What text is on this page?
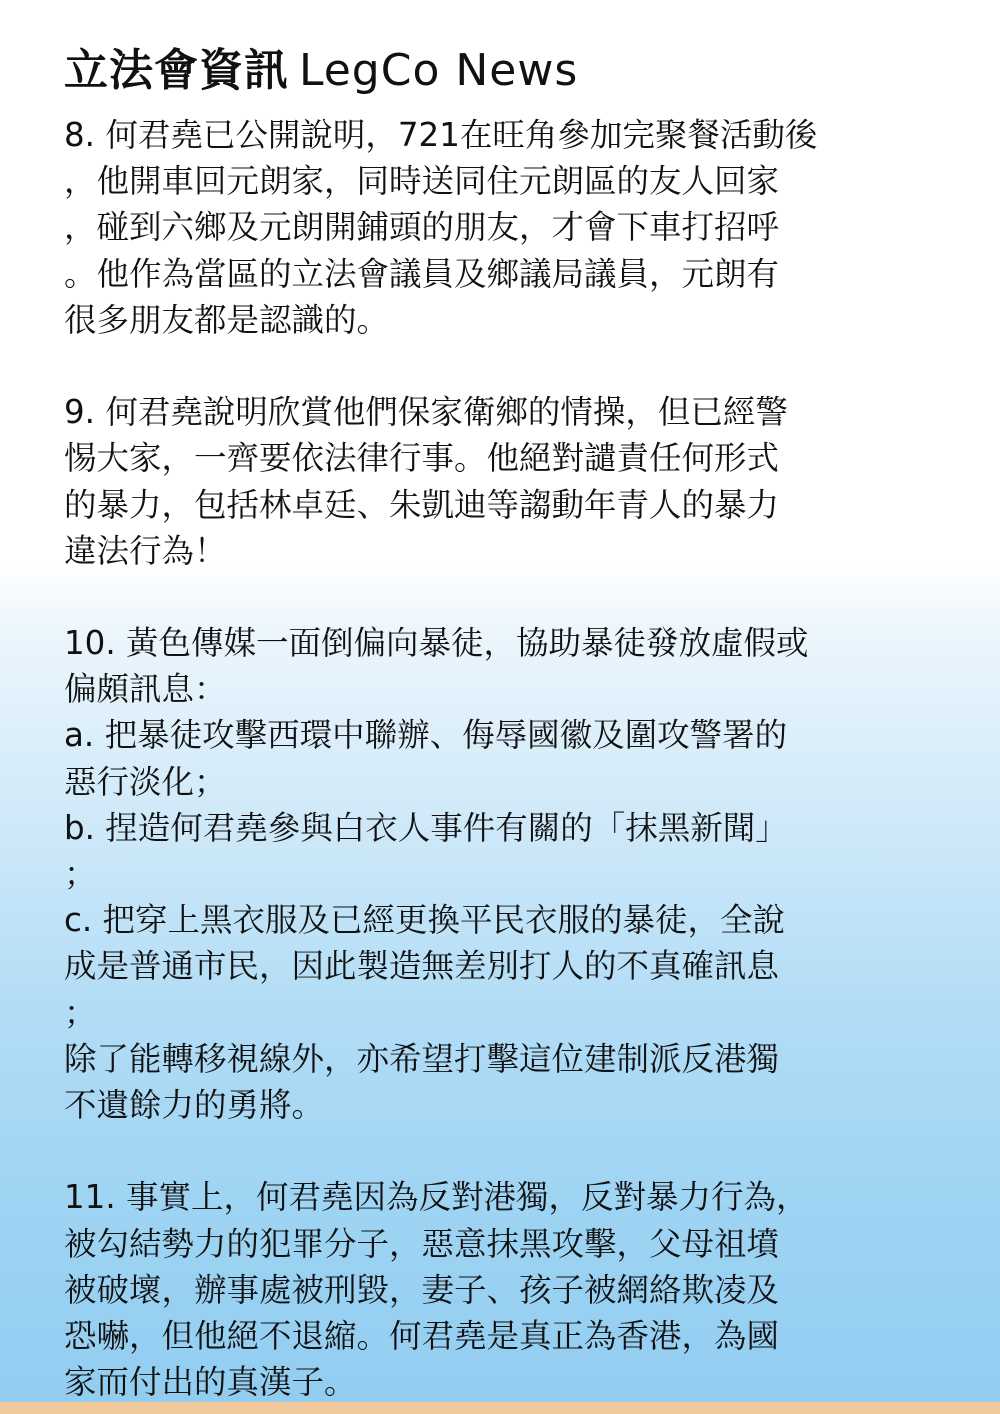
立法會資訊 LegCo News
8. 何君堯已公開說明，721在旺角參加完聚餐活動後
，他開車回元朗家，同時送同住元朗區的友人回家
，碰到六鄉及元朗開鋪頭的朋友，才會下車打招呼
。他作為當區的立法會議員及鄉議局議員，元朗有
很多朋友都是認識的。
9. 何君堯說明欣賞他們保家衛鄉的情操，但已經警
惕大家，一齊要依法律行事。他絕對譴責任何形式
的暴力，包括林卓廷、朱凱迪等謅動年青人的暴力
違法行為！
10. 黃色傳媒一面倒偏向暴徒，協助暴徒發放虛假或
偏頗訊息：
a. 把暴徒攻擊西環中聯辦、侮辱國徽及圍攻警署的
惡行淡化；
b. 捏造何君堯參與白衣人事件有關的「抹黑新聞」
；
c. 把穿上黑衣服及已經更換平民衣服的暴徒，全說
成是普通市民，因此製造無差別打人的不真確訊息
；
除了能轉移視線外，亦希望打擊這位建制派反港獨
不遺餘力的勇將。
11. 事實上，何君堯因為反對港獨，反對暴力行為，
被勾結勢力的犯罪分子，惡意抹黑攻擊，父母祖墳
被破壞，辦事處被刑毀，妻子、孩子被網絡欺凌及
恐嚇，但他絕不退縮。何君堯是真正為香港，為國
家而付出的真漢子。
